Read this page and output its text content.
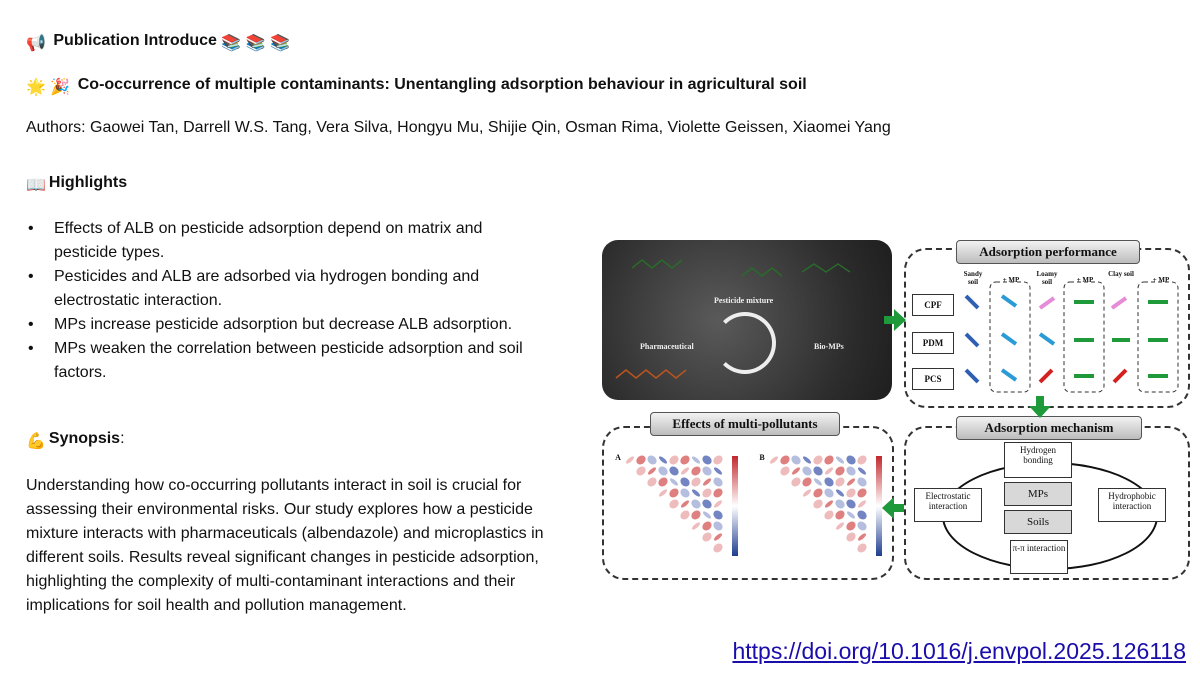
📢 Publication Introduce 📚 📚 📚
🌟 🎉 Co-occurrence of multiple contaminants: Unentangling adsorption behaviour in agricultural soil
Authors: Gaowei Tan, Darrell W.S. Tang, Vera Silva, Hongyu Mu, Shijie Qin, Osman Rima, Violette Geissen, Xiaomei Yang
📖 Highlights
• Effects of ALB on pesticide adsorption depend on matrix and pesticide types.
• Pesticides and ALB are adsorbed via hydrogen bonding and electrostatic interaction.
• MPs increase pesticide adsorption but decrease ALB adsorption.
• MPs weaken the correlation between pesticide adsorption and soil factors.
💪 Synopsis:
Understanding how co-occurring pollutants interact in soil is crucial for assessing their environmental risks. Our study explores how a pesticide mixture interacts with pharmaceuticals (albendazole) and microplastics in different soils. Results reveal significant changes in pesticide adsorption, highlighting the complexity of multi-contaminant interactions and their implications for soil health and pollution management.
https://doi.org/10.1016/j.envpol.2025.126118
Pesticide mixture
Pharmaceutical	Bio-MPs
CPF
PDM
PCS
Sandy soil	+ MP
Loamy soil	+ MP
Clay soil
+ MP
Adsorption performance
Hydrogen bonding
MPs
Soils
Electrostatic interaction
Hydrophobic interaction
π-π interaction
Adsorption mechanism
A	B
Effects of multi-pollutants
